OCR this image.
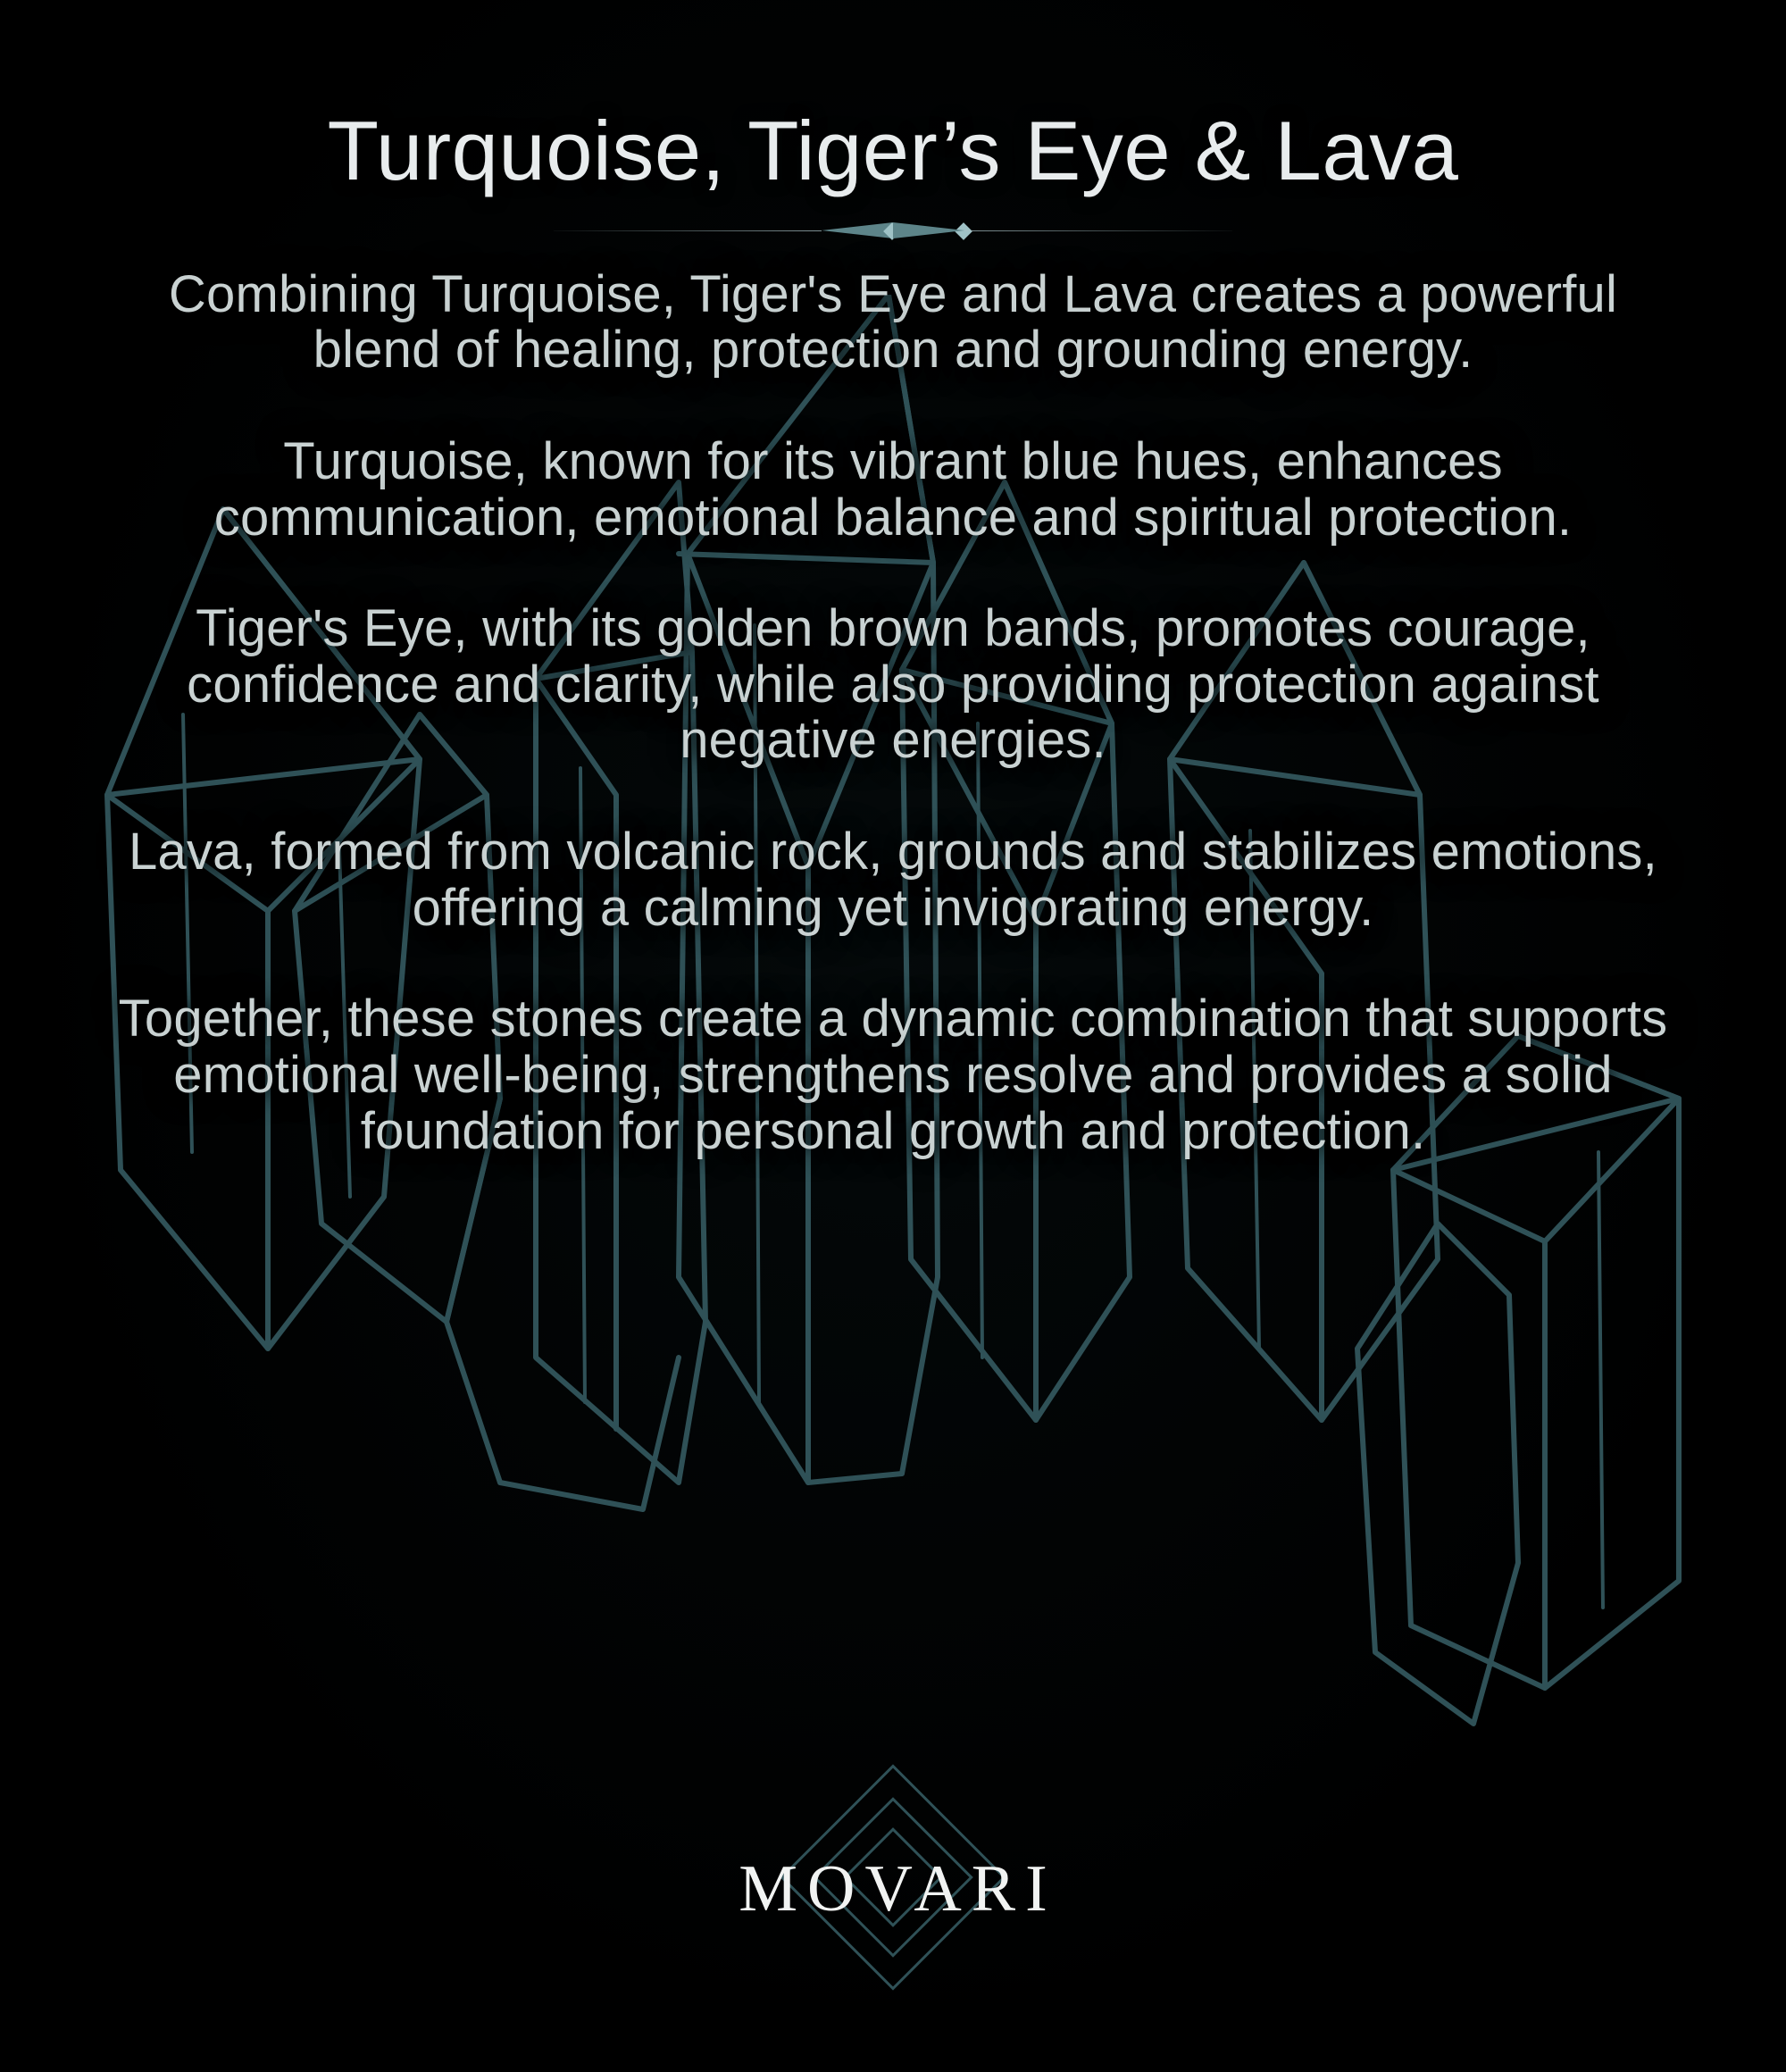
Turquoise, Tiger’s Eye & Lava

Combining Turquoise, Tiger's Eye and Lava creates a powerful blend of healing, protection and grounding energy.

Turquoise, known for its vibrant blue hues, enhances communication, emotional balance and spiritual protection.

Tiger's Eye, with its golden brown bands, promotes courage, confidence and clarity, while also providing protection against negative energies.

Lava, formed from volcanic rock, grounds and stabilizes emotions, offering a calming yet invigorating energy.

Together, these stones create a dynamic combination that supports emotional well-being, strengthens resolve and provides a solid foundation for personal growth and protection.

MOVARI
